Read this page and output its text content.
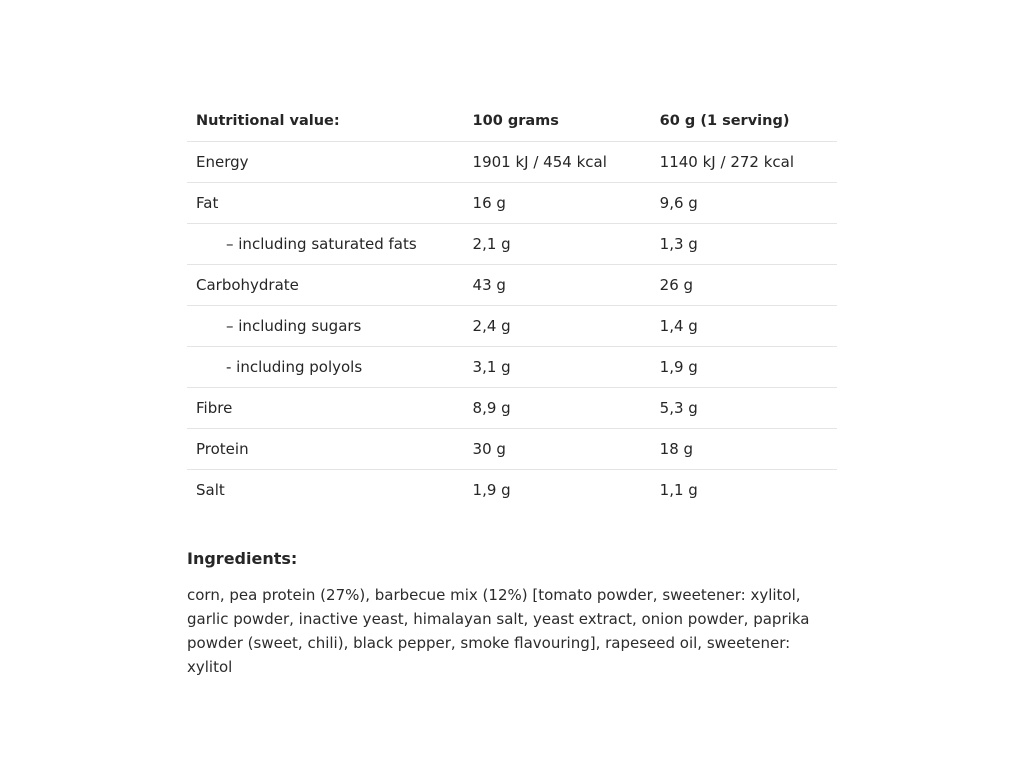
Nutritional value:	100 grams	60 g (1 serving)
Energy	1901 kJ / 454 kcal	1140 kJ / 272 kcal
Fat	16 g	9,6 g
– including saturated fats	2,1 g	1,3 g
Carbohydrate	43 g	26 g
– including sugars	2,4 g	1,4 g
- including polyols	3,1 g	1,9 g
Fibre	8,9 g	5,3 g
Protein	30 g	18 g
Salt	1,9 g	1,1 g
Ingredients:

corn, pea protein (27%), barbecue mix (12%) [tomato powder, sweetener: xylitol, garlic powder, inactive yeast, himalayan salt, yeast extract, onion powder, paprika powder (sweet, chili), black pepper, smoke flavouring], rapeseed oil, sweetener: xylitol
